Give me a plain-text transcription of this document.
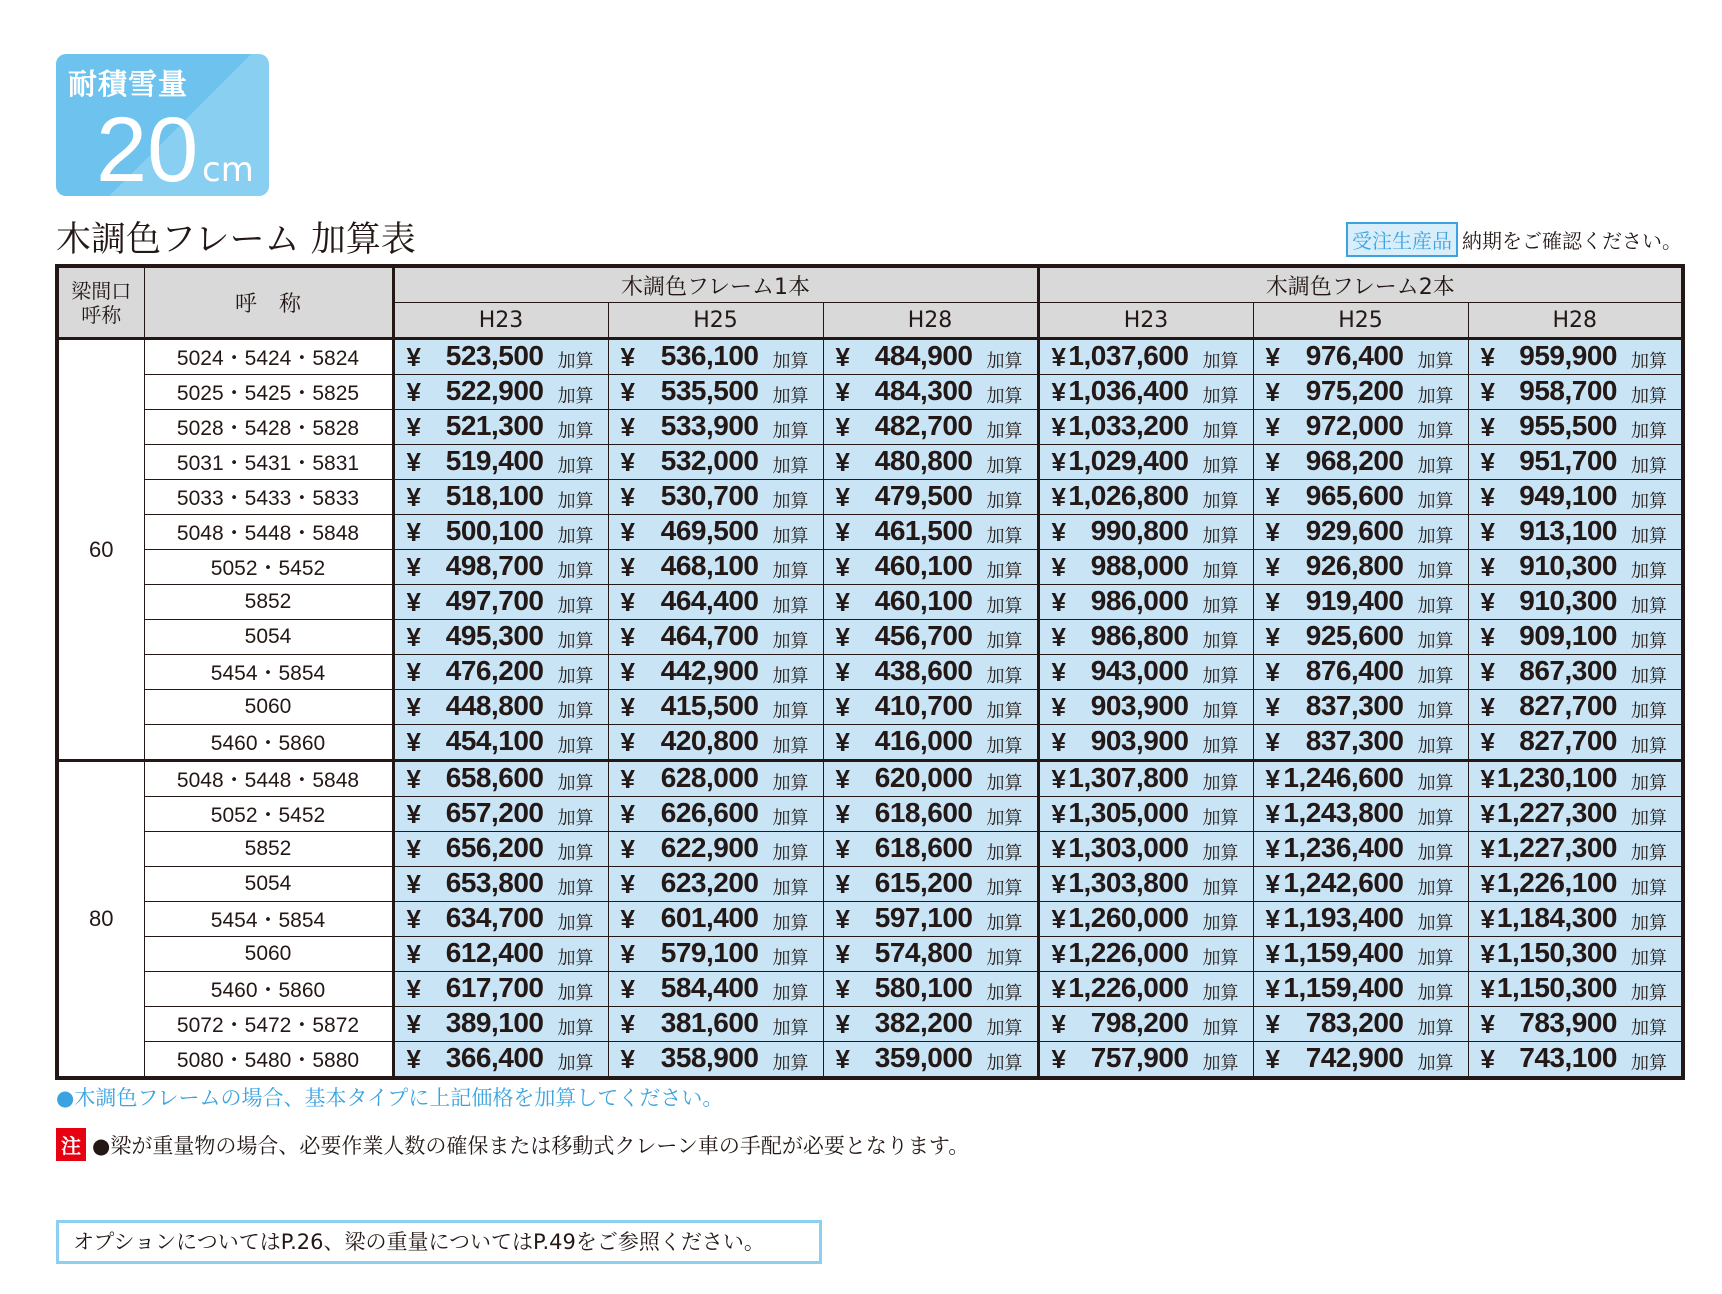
耐積雪量
20 cm
木調色フレーム 加算表	受注生産品 納期をご確認ください。
梁間口
呼称	呼　称	木調色フレーム1本			木調色フレーム2本		
		H23	H25	H28	H23	H25	H28
60	5024・5424・5824	¥ 523,500 加算	¥ 536,100 加算	¥ 484,900 加算	¥ 1,037,600 加算	¥ 976,400 加算	¥ 959,900 加算

	5025・5425・5825	¥ 522,900 加算	¥ 535,500 加算	¥ 484,300 加算	¥ 1,036,400 加算	¥ 975,200 加算	¥ 958,700 加算

	5028・5428・5828	¥ 521,300 加算	¥ 533,900 加算	¥ 482,700 加算	¥ 1,033,200 加算	¥ 972,000 加算	¥ 955,500 加算

	5031・5431・5831	¥ 519,400 加算	¥ 532,000 加算	¥ 480,800 加算	¥ 1,029,400 加算	¥ 968,200 加算	¥ 951,700 加算

	5033・5433・5833	¥ 518,100 加算	¥ 530,700 加算	¥ 479,500 加算	¥ 1,026,800 加算	¥ 965,600 加算	¥ 949,100 加算

	5048・5448・5848	¥ 500,100 加算	¥ 469,500 加算	¥ 461,500 加算	¥ 990,800 加算	¥ 929,600 加算	¥ 913,100 加算

	5052・5452	¥ 498,700 加算	¥ 468,100 加算	¥ 460,100 加算	¥ 988,000 加算	¥ 926,800 加算	¥ 910,300 加算

	5852	¥ 497,700 加算	¥ 464,400 加算	¥ 460,100 加算	¥ 986,000 加算	¥ 919,400 加算	¥ 910,300 加算

	5054	¥ 495,300 加算	¥ 464,700 加算	¥ 456,700 加算	¥ 986,800 加算	¥ 925,600 加算	¥ 909,100 加算

	5454・5854	¥ 476,200 加算	¥ 442,900 加算	¥ 438,600 加算	¥ 943,000 加算	¥ 876,400 加算	¥ 867,300 加算

	5060	¥ 448,800 加算	¥ 415,500 加算	¥ 410,700 加算	¥ 903,900 加算	¥ 837,300 加算	¥ 827,700 加算

	5460・5860	¥ 454,100 加算	¥ 420,800 加算	¥ 416,000 加算	¥ 903,900 加算	¥ 837,300 加算	¥ 827,700 加算

80	5048・5448・5848	¥ 658,600 加算	¥ 628,000 加算	¥ 620,000 加算	¥ 1,307,800 加算	¥ 1,246,600 加算	¥ 1,230,100 加算

	5052・5452	¥ 657,200 加算	¥ 626,600 加算	¥ 618,600 加算	¥ 1,305,000 加算	¥ 1,243,800 加算	¥ 1,227,300 加算

	5852	¥ 656,200 加算	¥ 622,900 加算	¥ 618,600 加算	¥ 1,303,000 加算	¥ 1,236,400 加算	¥ 1,227,300 加算

	5054	¥ 653,800 加算	¥ 623,200 加算	¥ 615,200 加算	¥ 1,303,800 加算	¥ 1,242,600 加算	¥ 1,226,100 加算

	5454・5854	¥ 634,700 加算	¥ 601,400 加算	¥ 597,100 加算	¥ 1,260,000 加算	¥ 1,193,400 加算	¥ 1,184,300 加算

	5060	¥ 612,400 加算	¥ 579,100 加算	¥ 574,800 加算	¥ 1,226,000 加算	¥ 1,159,400 加算	¥ 1,150,300 加算

	5460・5860	¥ 617,700 加算	¥ 584,400 加算	¥ 580,100 加算	¥ 1,226,000 加算	¥ 1,159,400 加算	¥ 1,150,300 加算

	5072・5472・5872	¥ 389,100 加算	¥ 381,600 加算	¥ 382,200 加算	¥ 798,200 加算	¥ 783,200 加算	¥ 783,900 加算

	5080・5480・5880	¥ 366,400 加算	¥ 358,900 加算	¥ 359,000 加算	¥ 757,900 加算	¥ 742,900 加算	¥ 743,100 加算
●木調色フレームの場合、基本タイプに上記価格を加算してください。
注 ●梁が重量物の場合、必要作業人数の確保または移動式クレーン車の手配が必要となります。
オプションについてはP.26、梁の重量についてはP.49をご参照ください。
